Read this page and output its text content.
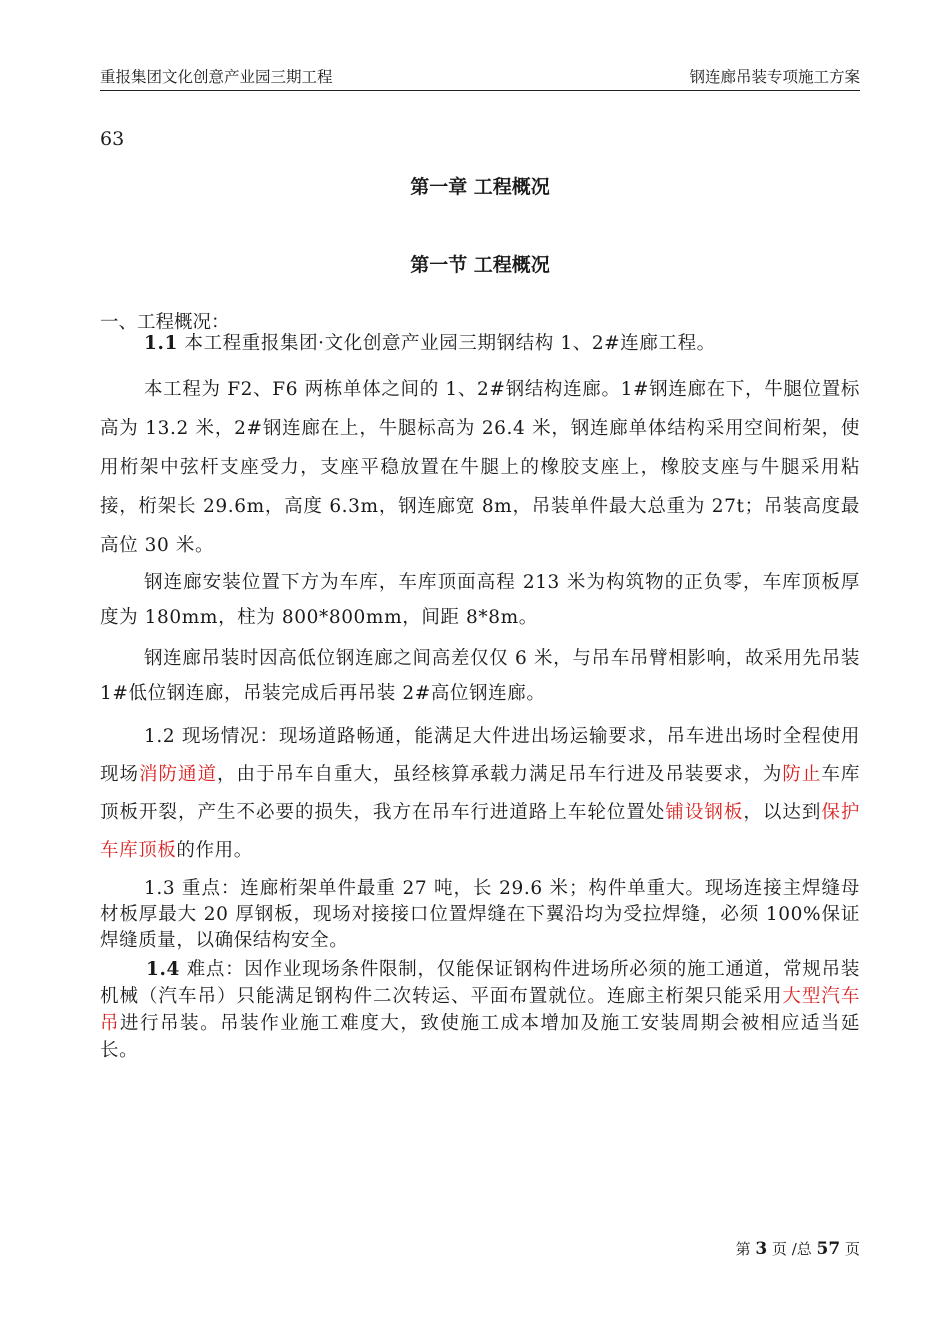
重报集团文化创意产业园三期工程	钢连廊吊装专项施工方案
63
第一章 工程概况
第一节 工程概况
一、工程概况：

1.1 本工程重报集团·文化创意产业园三期钢结构 1、2#连廊工程。

本工程为 F2、F6 两栋单体之间的 1、2#钢结构连廊。1#钢连廊在下，牛腿位置标高为 13.2 米，2#钢连廊在上，牛腿标高为 26.4 米，钢连廊单体结构采用空间桁架，使用桁架中弦杆支座受力，支座平稳放置在牛腿上的橡胶支座上，橡胶支座与牛腿采用粘接，桁架长 29.6m，高度 6.3m，钢连廊宽 8m，吊装单件最大总重为 27t；吊装高度最高位 30 米。

钢连廊安装位置下方为车库，车库顶面高程 213 米为构筑物的正负零，车库顶板厚度为 180mm，柱为 800*800mm，间距 8*8m。

钢连廊吊装时因高低位钢连廊之间高差仅仅 6 米，与吊车吊臂相影响，故采用先吊装 1#低位钢连廊，吊装完成后再吊装 2#高位钢连廊。

1.2 现场情况：现场道路畅通，能满足大件进出场运输要求，吊车进出场时全程使用现场消防通道，由于吊车自重大，虽经核算承载力满足吊车行进及吊装要求，为防止车库顶板开裂，产生不必要的损失，我方在吊车行进道路上车轮位置处铺设钢板，以达到保护车库顶板的作用。

1.3 重点：连廊桁架单件最重 27 吨，长 29.6 米；构件单重大。现场连接主焊缝母材板厚最大 20 厚钢板，现场对接接口位置焊缝在下翼沿均为受拉焊缝，必须 100%保证焊缝质量，以确保结构安全。

1.4 难点：因作业现场条件限制，仅能保证钢构件进场所必须的施工通道，常规吊装机械（汽车吊）只能满足钢构件二次转运、平面布置就位。连廊主桁架只能采用大型汽车吊进行吊装。吊装作业施工难度大，致使施工成本增加及施工安装周期会被相应适当延长。

第 3 页 /总 57 页
